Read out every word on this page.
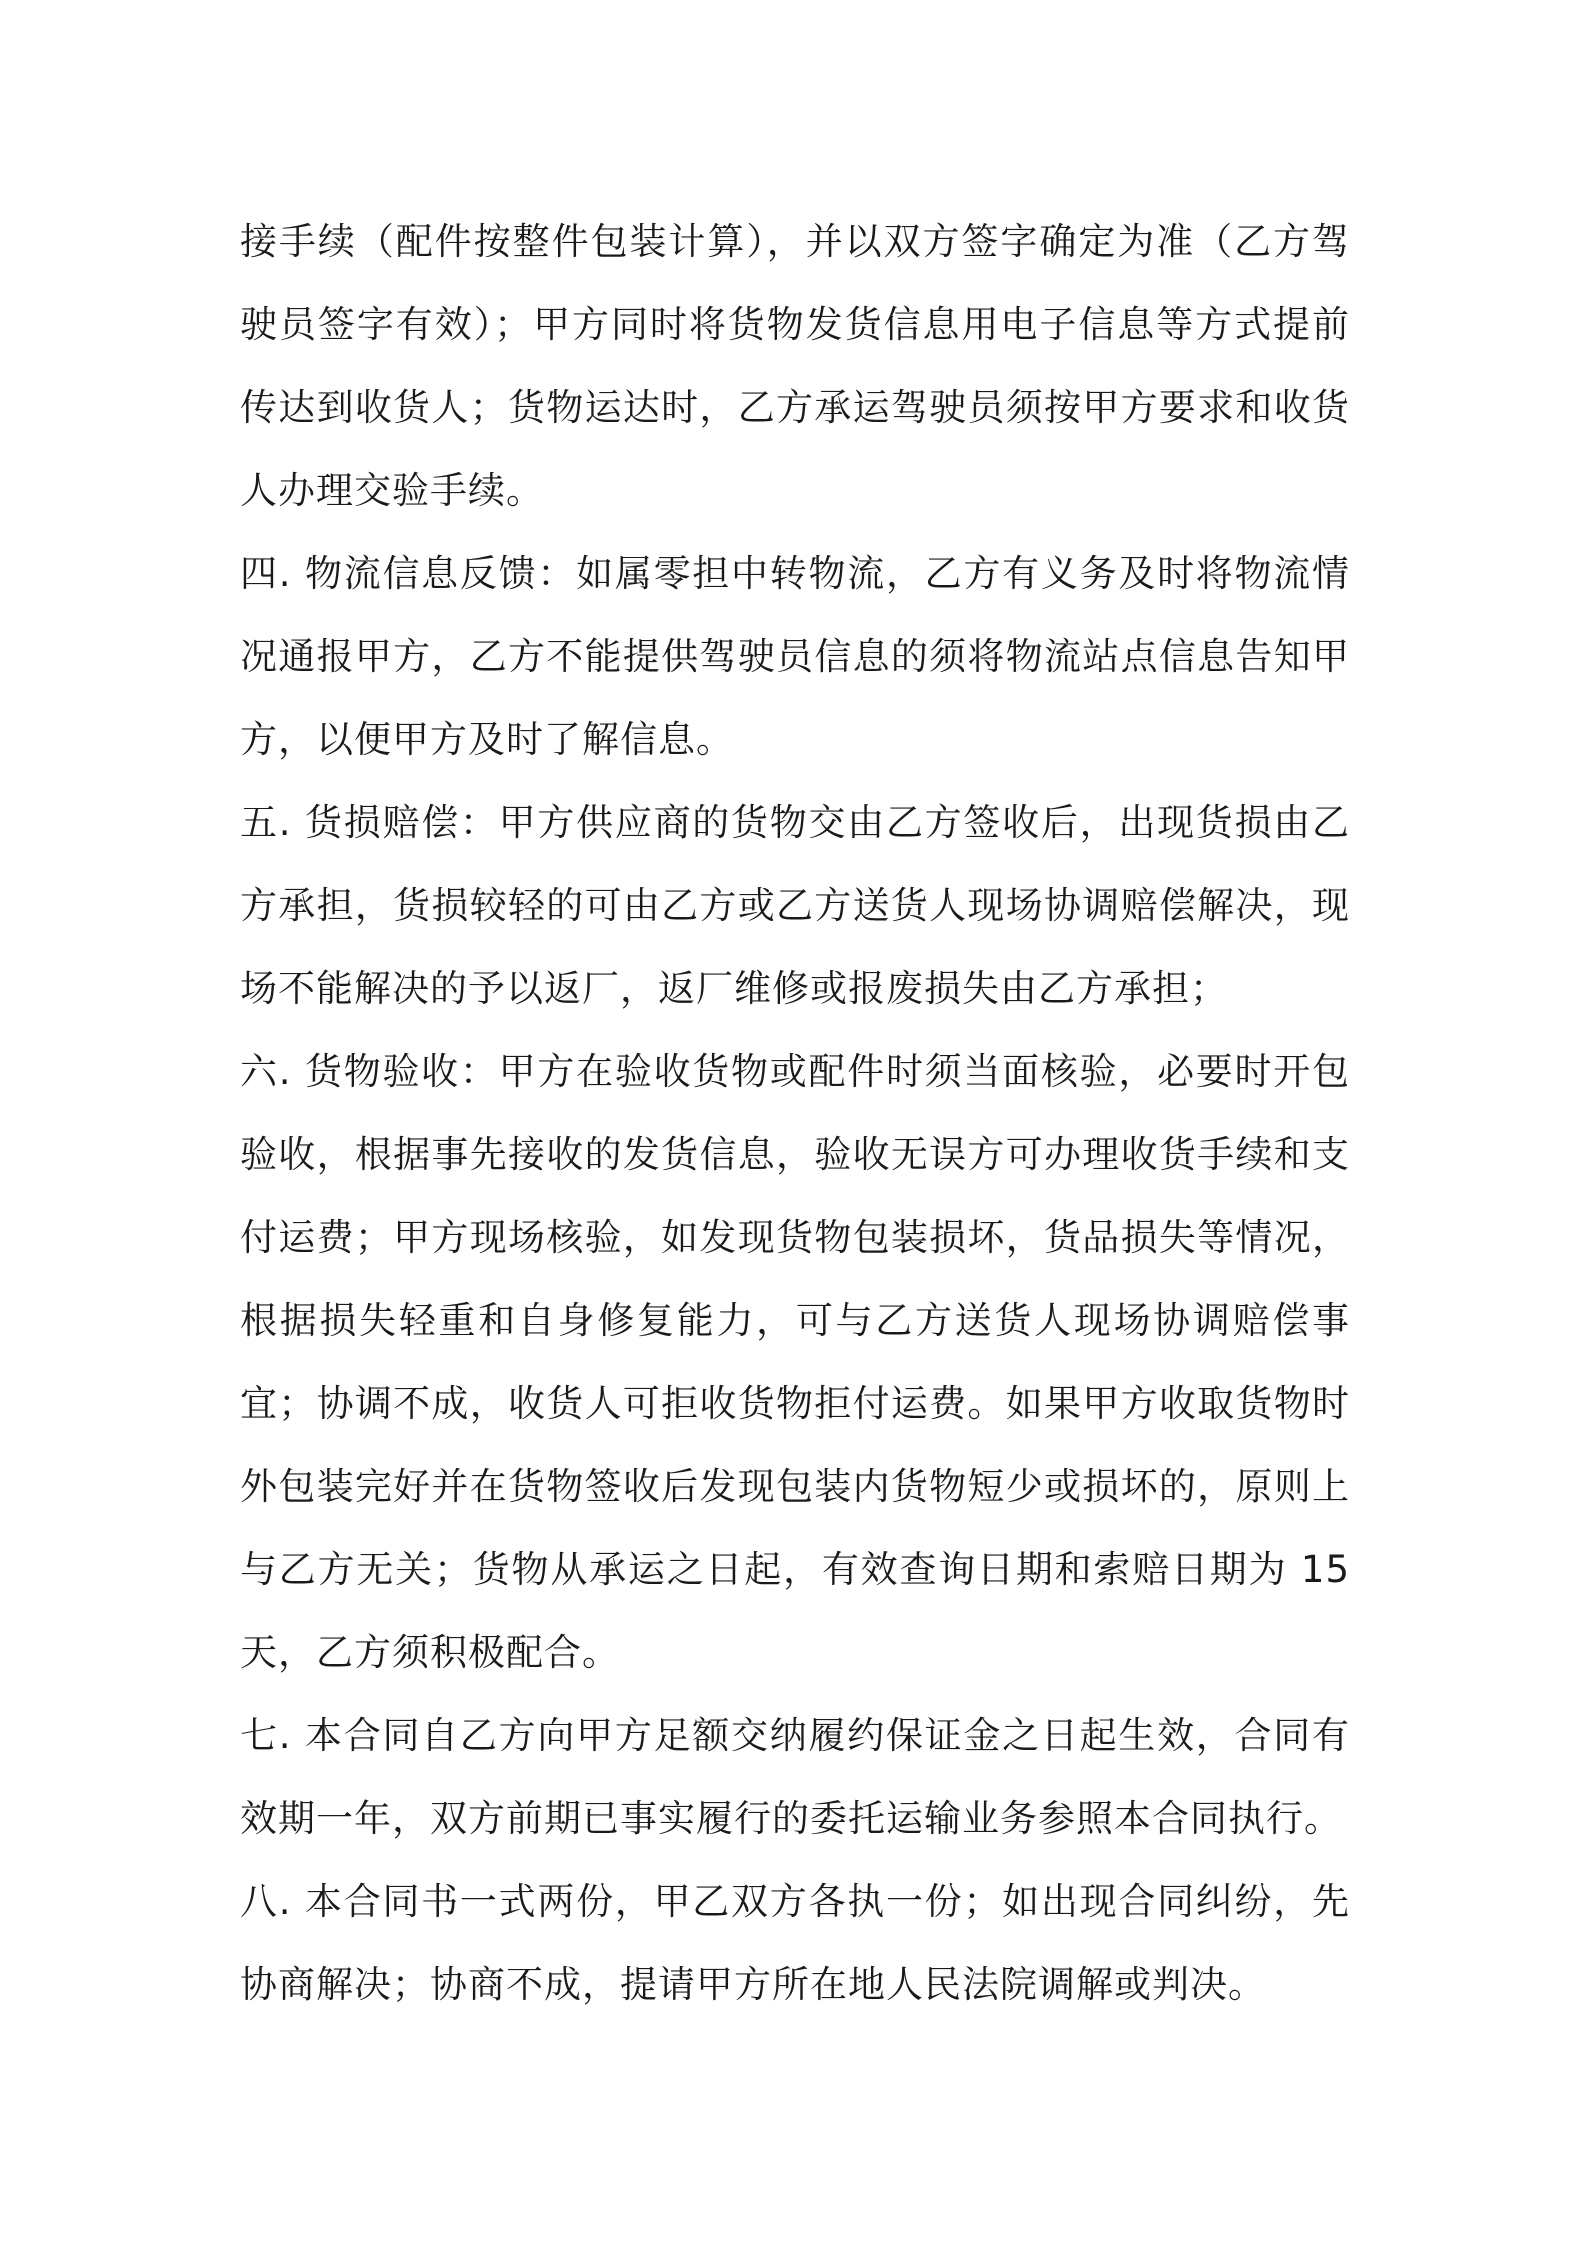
接手续（配件按整件包装计算），并以双方签字确定为准（乙方驾驶员签字有效）；甲方同时将货物发货信息用电子信息等方式提前传达到收货人；货物运达时，乙方承运驾驶员须按甲方要求和收货人办理交验手续。

四. 物流信息反馈：如属零担中转物流，乙方有义务及时将物流情况通报甲方，乙方不能提供驾驶员信息的须将物流站点信息告知甲方，以便甲方及时了解信息。

五. 货损赔偿：甲方供应商的货物交由乙方签收后，出现货损由乙方承担，货损较轻的可由乙方或乙方送货人现场协调赔偿解决，现场不能解决的予以返厂，返厂维修或报废损失由乙方承担；

六. 货物验收：甲方在验收货物或配件时须当面核验，必要时开包验收，根据事先接收的发货信息，验收无误方可办理收货手续和支付运费；甲方现场核验，如发现货物包装损坏，货品损失等情况，根据损失轻重和自身修复能力，可与乙方送货人现场协调赔偿事宜；协调不成，收货人可拒收货物拒付运费。如果甲方收取货物时外包装完好并在货物签收后发现包装内货物短少或损坏的，原则上与乙方无关；货物从承运之日起，有效查询日期和索赔日期为 15 天，乙方须积极配合。

七. 本合同自乙方向甲方足额交纳履约保证金之日起生效，合同有效期一年，双方前期已事实履行的委托运输业务参照本合同执行。

八. 本合同书一式两份，甲乙双方各执一份；如出现合同纠纷，先协商解决；协商不成，提请甲方所在地人民法院调解或判决。
